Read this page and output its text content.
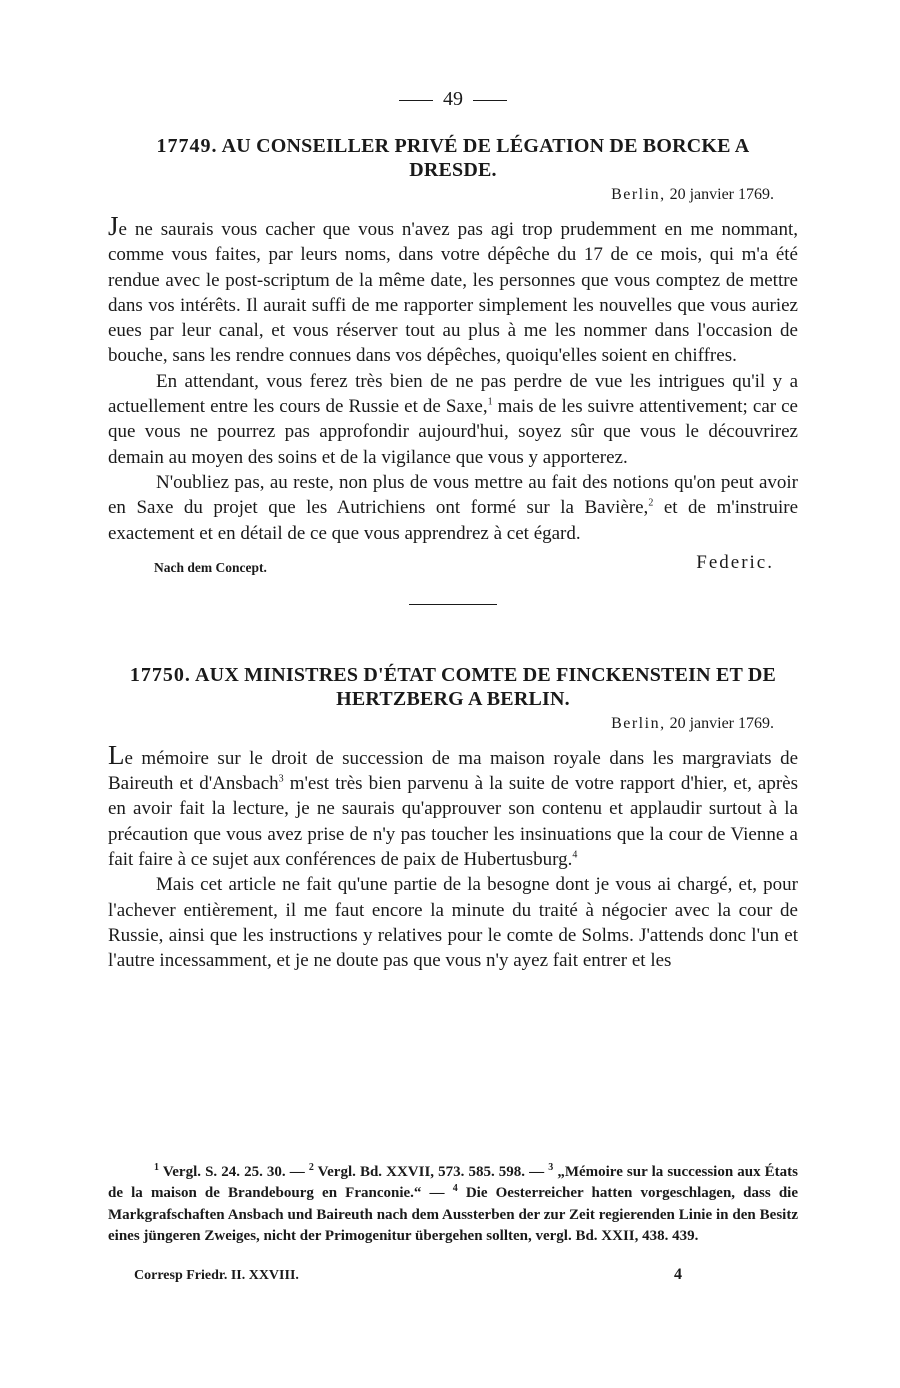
49
17749. AU CONSEILLER PRIVÉ DE LÉGATION DE BORCKE A DRESDE.
Berlin, 20 janvier 1769.

Je ne saurais vous cacher que vous n'avez pas agi trop prudemment en me nommant, comme vous faites, par leurs noms, dans votre dépêche du 17 de ce mois, qui m'a été rendue avec le post-scriptum de la même date, les personnes que vous comptez de mettre dans vos intérêts. Il aurait suffi de me rapporter simplement les nouvelles que vous auriez eues par leur canal, et vous réserver tout au plus à me les nommer dans l'occasion de bouche, sans les rendre connues dans vos dépêches, quoiqu'elles soient en chiffres.

En attendant, vous ferez très bien de ne pas perdre de vue les intrigues qu'il y a actuellement entre les cours de Russie et de Saxe,$^1$ mais de les suivre attentivement; car ce que vous ne pourrez pas approfondir aujourd'hui, soyez sûr que vous le découvrirez demain au moyen des soins et de la vigilance que vous y apporterez.

N'oubliez pas, au reste, non plus de vous mettre au fait des notions qu'on peut avoir en Saxe du projet que les Autrichiens ont formé sur la Bavière,$^2$ et de m'instruire exactement et en détail de ce que vous apprendrez à cet égard.

Nach dem Concept.	Federic.
17750. AUX MINISTRES D'ÉTAT COMTE DE FINCKENSTEIN ET DE HERTZBERG A BERLIN.
Berlin, 20 janvier 1769.

Le mémoire sur le droit de succession de ma maison royale dans les margraviats de Baireuth et d'Ansbach$^3$ m'est très bien parvenu à la suite de votre rapport d'hier, et, après en avoir fait la lecture, je ne saurais qu'approuver son contenu et applaudir surtout à la précaution que vous avez prise de n'y pas toucher les insinuations que la cour de Vienne a fait faire à ce sujet aux conférences de paix de Hubertusburg.$^4$

Mais cet article ne fait qu'une partie de la besogne dont je vous ai chargé, et, pour l'achever entièrement, il me faut encore la minute du traité à négocier avec la cour de Russie, ainsi que les instructions y relatives pour le comte de Solms. J'attends donc l'un et l'autre incessamment, et je ne doute pas que vous n'y ayez fait entrer et les

$^1$ Vergl. S. 24. 25. 30. — $^2$ Vergl. Bd. XXVII, 573. 585. 598. — $^3$ „Mémoire sur la succession aux États de la maison de Brandebourg en Franconie.“ — $^4$ Die Oesterreicher hatten vorgeschlagen, dass die Markgrafschaften Ansbach und Baireuth nach dem Aussterben der zur Zeit regierenden Linie in den Besitz eines jüngeren Zweiges, nicht der Primogenitur übergehen sollten, vergl. Bd. XXII, 438. 439.
Corresp Friedr. II. XXVIII.	4
